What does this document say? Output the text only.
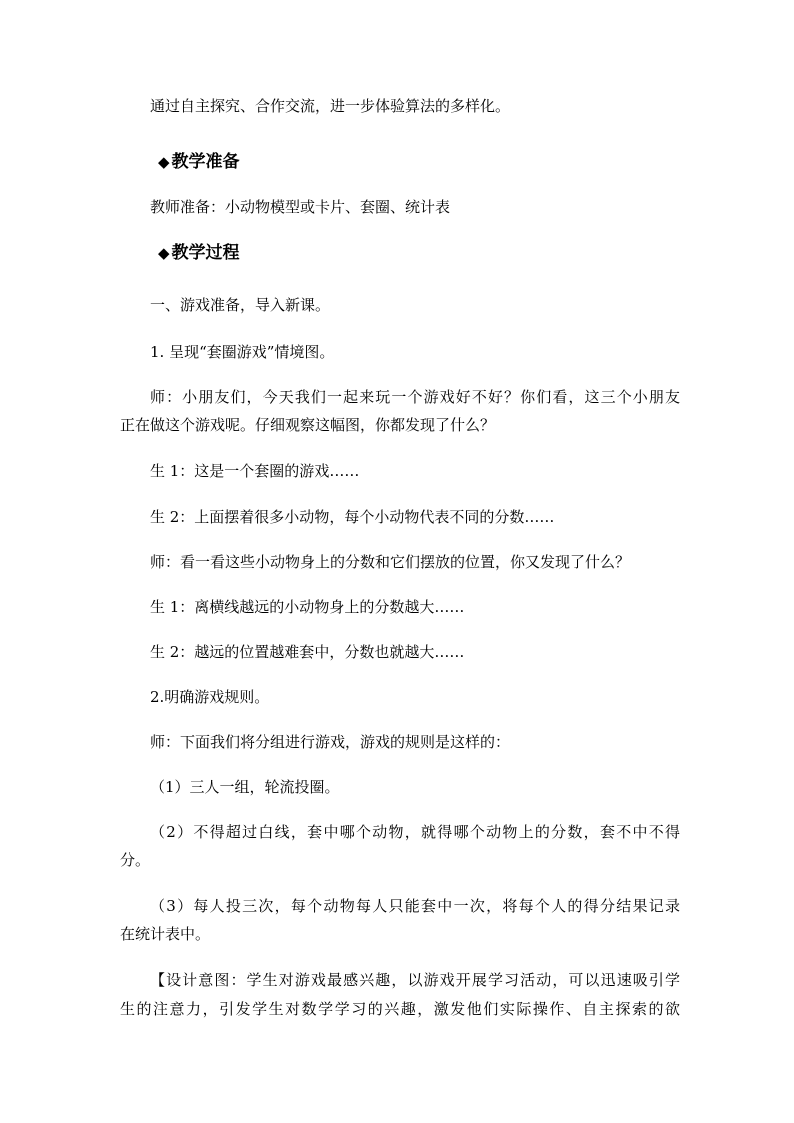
通过自主探究、合作交流，进一步体验算法的多样化。
◆ 教学准备
教师准备：小动物模型或卡片、套圈、统计表
◆ 教学过程
一、游戏准备，导入新课。
1. 呈现“套圈游戏”情境图。
师：小朋友们，今天我们一起来玩一个游戏好不好？你们看，这三个小朋友
正在做这个游戏呢。仔细观察这幅图，你都发现了什么？
生 1：这是一个套圈的游戏……
生 2：上面摆着很多小动物，每个小动物代表不同的分数……
师：看一看这些小动物身上的分数和它们摆放的位置，你又发现了什么？
生 1：离横线越远的小动物身上的分数越大……
生 2：越远的位置越难套中，分数也就越大……
2.明确游戏规则。
师：下面我们将分组进行游戏，游戏的规则是这样的：
（1）三人一组，轮流投圈。
（2）不得超过白线，套中哪个动物，就得哪个动物上的分数，套不中不得
分。
（3）每人投三次，每个动物每人只能套中一次，将每个人的得分结果记录
在统计表中。
【设计意图：学生对游戏最感兴趣，以游戏开展学习活动，可以迅速吸引学
生的注意力，引发学生对数学学习的兴趣，激发他们实际操作、自主探索的欲
